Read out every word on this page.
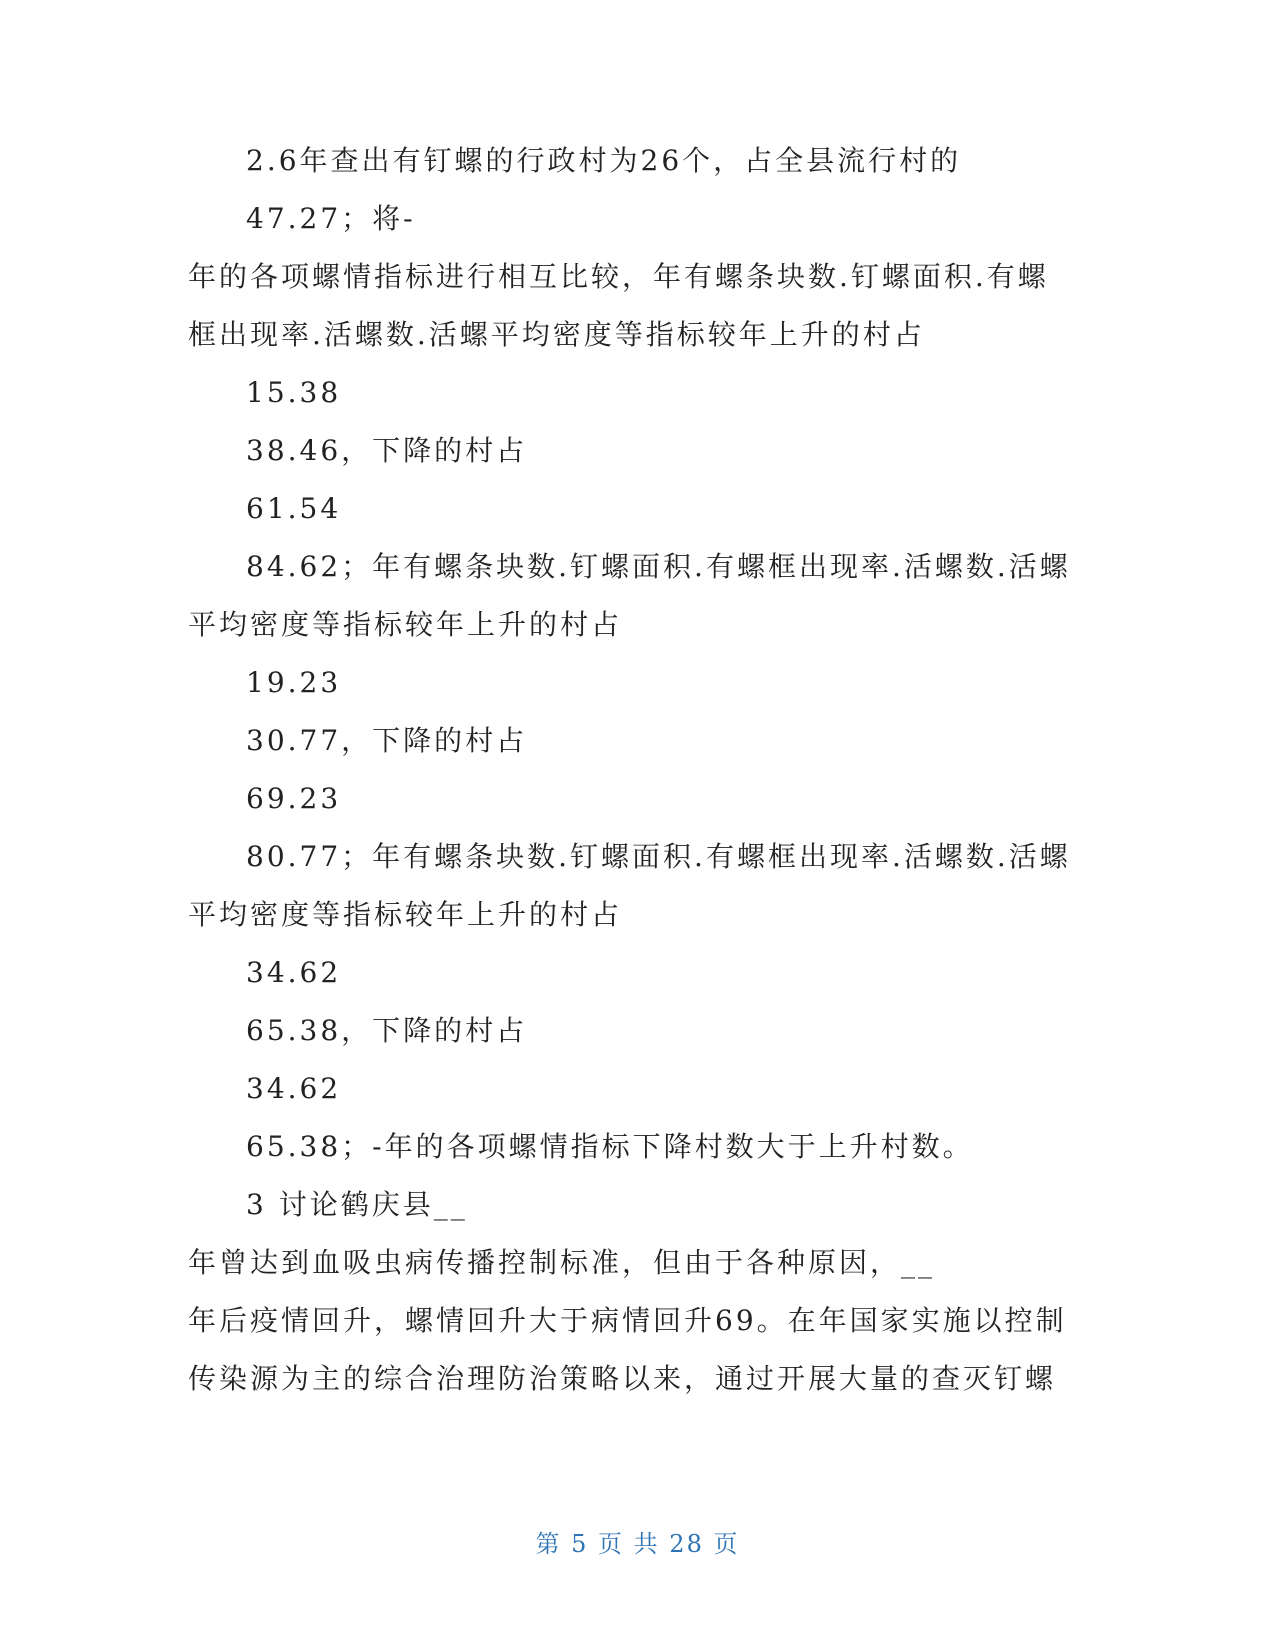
2.6年查出有钉螺的行政村为26个，占全县流行村的
47.27；将-
年的各项螺情指标进行相互比较，年有螺条块数.钉螺面积.有螺
框出现率.活螺数.活螺平均密度等指标较年上升的村占
15.38
38.46，下降的村占
61.54
84.62；年有螺条块数.钉螺面积.有螺框出现率.活螺数.活螺
平均密度等指标较年上升的村占
19.23
30.77，下降的村占
69.23
80.77；年有螺条块数.钉螺面积.有螺框出现率.活螺数.活螺
平均密度等指标较年上升的村占
34.62
65.38，下降的村占
34.62
65.38；-年的各项螺情指标下降村数大于上升村数。
3 讨论鹤庆县__
年曾达到血吸虫病传播控制标准，但由于各种原因，__
年后疫情回升，螺情回升大于病情回升69。在年国家实施以控制
传染源为主的综合治理防治策略以来，通过开展大量的查灭钉螺
第 5 页 共 28 页
